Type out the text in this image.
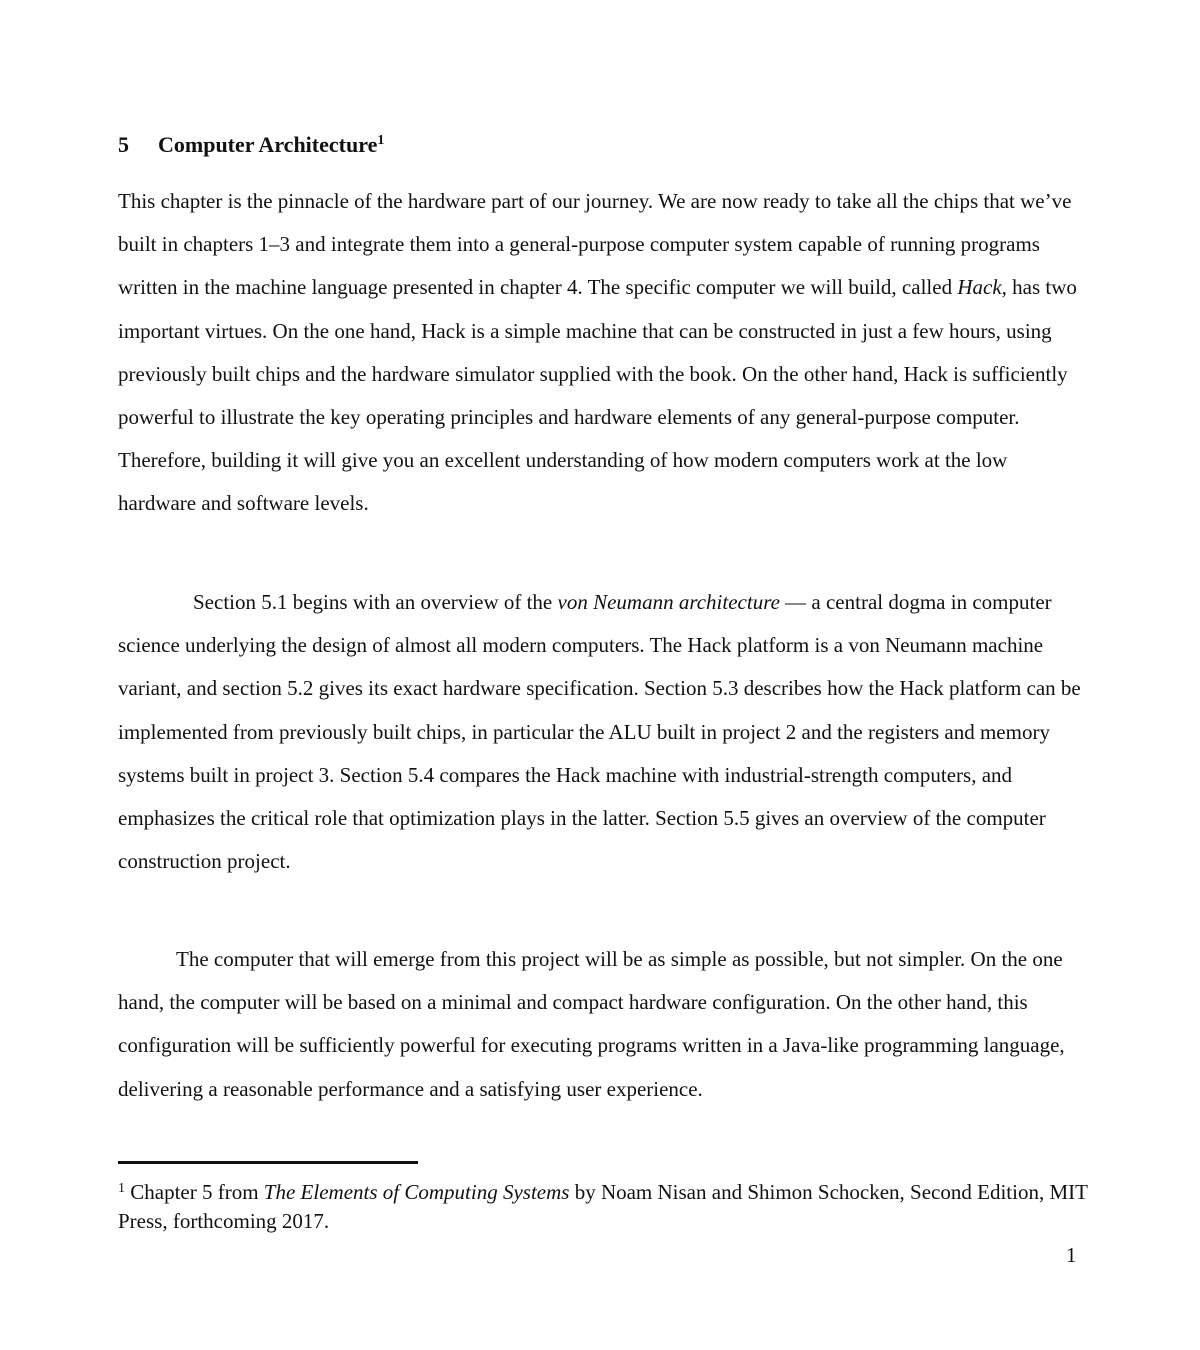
5 Computer Architecture$^1$

This chapter is the pinnacle of the hardware part of our journey. We are now ready to take all the chips that we’ve built in chapters 1–3 and integrate them into a general-purpose computer system capable of running programs written in the machine language presented in chapter 4. The specific computer we will build, called Hack, has two important virtues. On the one hand, Hack is a simple machine that can be constructed in just a few hours, using previously built chips and the hardware simulator supplied with the book. On the other hand, Hack is sufficiently powerful to illustrate the key operating principles and hardware elements of any general-purpose computer. Therefore, building it will give you an excellent understanding of how modern computers work at the low hardware and software levels.

Section 5.1 begins with an overview of the von Neumann architecture — a central dogma in computer science underlying the design of almost all modern computers. The Hack platform is a von Neumann machine variant, and section 5.2 gives its exact hardware specification. Section 5.3 describes how the Hack platform can be implemented from previously built chips, in particular the ALU built in project 2 and the registers and memory systems built in project 3. Section 5.4 compares the Hack machine with industrial-strength computers, and emphasizes the critical role that optimization plays in the latter. Section 5.5 gives an overview of the computer construction project.

The computer that will emerge from this project will be as simple as possible, but not simpler. On the one hand, the computer will be based on a minimal and compact hardware configuration. On the other hand, this configuration will be sufficiently powerful for executing programs written in a Java-like programming language, delivering a reasonable performance and a satisfying user experience.

$^1$ Chapter 5 from The Elements of Computing Systems by Noam Nisan and Shimon Schocken, Second Edition, MIT Press, forthcoming 2017.

1
